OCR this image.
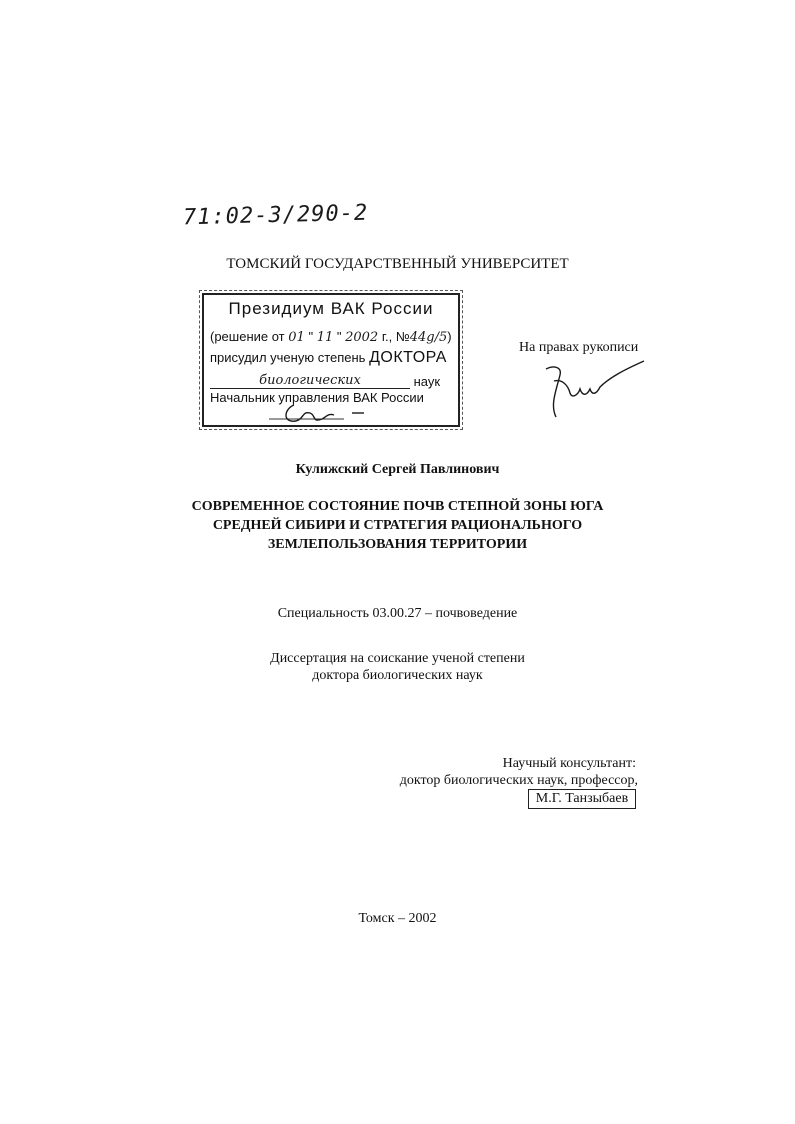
71:02-3/290-2
ТОМСКИЙ ГОСУДАРСТВЕННЫЙ УНИВЕРСИТЕТ
Президиум ВАК России
(решение от 01 " 11 " 2002 г., №44g/5)
присудил ученую степень ДОКТОРА
биологических	наук
Начальник управления ВАК России
На правах рукописи
Кулижский Сергей Павлинович
СОВРЕМЕННОЕ СОСТОЯНИЕ ПОЧВ СТЕПНОЙ ЗОНЫ ЮГА
СРЕДНЕЙ СИБИРИ И СТРАТЕГИЯ РАЦИОНАЛЬНОГО
ЗЕМЛЕПОЛЬЗОВАНИЯ ТЕРРИТОРИИ
Специальность 03.00.27 – почвоведение
Диссертация на соискание ученой степени
доктора биологических наук
Научный консультант:
доктор биологических наук, профессор,
М.Г. Танзыбаев
Томск – 2002
